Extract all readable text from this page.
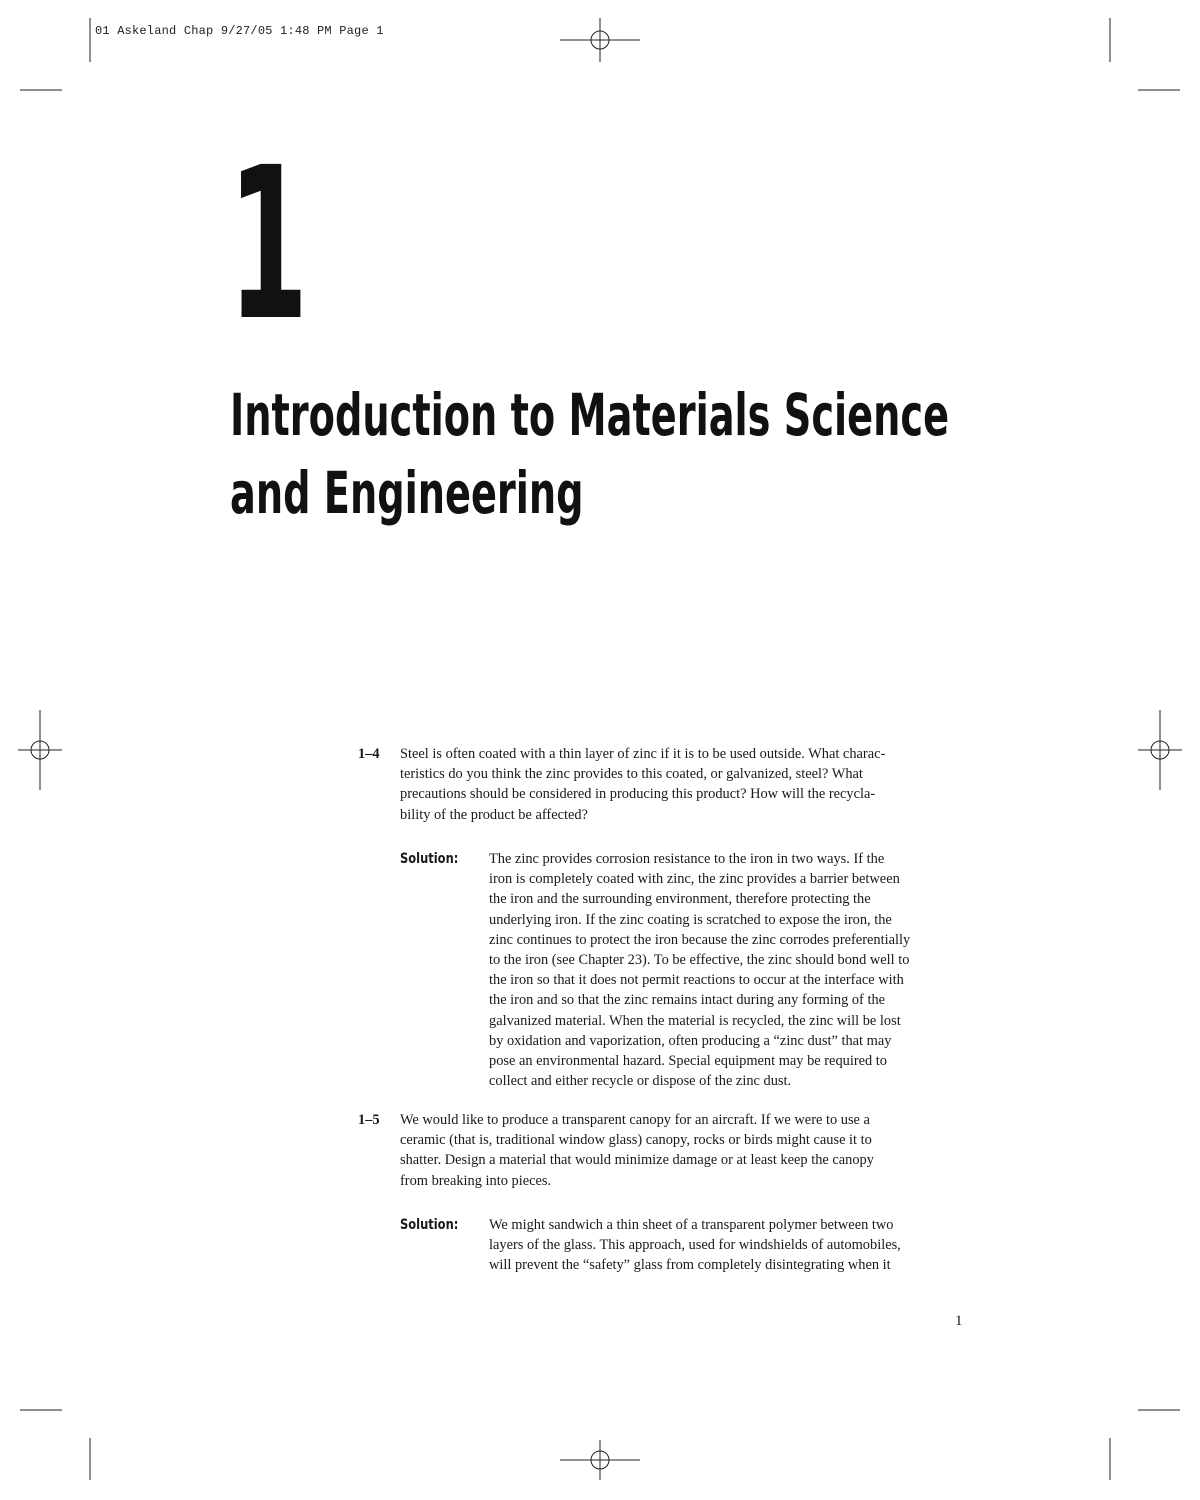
01 Askeland Chap 9/27/05 1:48 PM Page 1
1
Introduction to Materials Science
and Engineering
1–4 Steel is often coated with a thin layer of zinc if it is to be used outside. What charac-
teristics do you think the zinc provides to this coated, or galvanized, steel? What
precautions should be considered in producing this product? How will the recycla-
bility of the product be affected?

Solution: The zinc provides corrosion resistance to the iron in two ways. If the
iron is completely coated with zinc, the zinc provides a barrier between
the iron and the surrounding environment, therefore protecting the
underlying iron. If the zinc coating is scratched to expose the iron, the
zinc continues to protect the iron because the zinc corrodes preferentially
to the iron (see Chapter 23). To be effective, the zinc should bond well to
the iron so that it does not permit reactions to occur at the interface with
the iron and so that the zinc remains intact during any forming of the
galvanized material. When the material is recycled, the zinc will be lost
by oxidation and vaporization, often producing a “zinc dust” that may
pose an environmental hazard. Special equipment may be required to
collect and either recycle or dispose of the zinc dust.

1–5 We would like to produce a transparent canopy for an aircraft. If we were to use a
ceramic (that is, traditional window glass) canopy, rocks or birds might cause it to
shatter. Design a material that would minimize damage or at least keep the canopy
from breaking into pieces.

Solution: We might sandwich a thin sheet of a transparent polymer between two
layers of the glass. This approach, used for windshields of automobiles,
will prevent the “safety” glass from completely disintegrating when it

1
